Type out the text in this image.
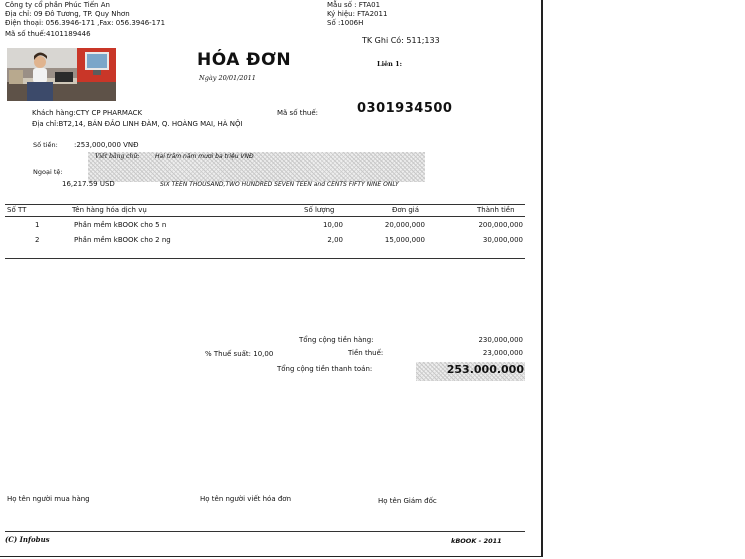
Công ty cổ phần Phúc Tiến An
Địa chỉ: 09 Đô Tương, TP. Quy Nhơn
Điện thoại: 056.3946-171 ,Fax: 056.3946-171
Mã số thuế:4101189446
Mẫu số : FTA01
Ký hiệu: FTA2011
Số :1006H
TK Ghi Có: 511;133
HÓA ĐƠN
Ngày 20/01/2011
Liên 1:
Khách hàng:CTY CP PHARMACK	Mã số thuế:	0301934500
Địa chỉ:BT2,14, BÁN ĐẢO LINH ĐÀM, Q. HOÀNG MAI, HÀ NỘI
Số tiền: :253,000,000 VNĐ
Viết bằng chữ:	Hai trăm năm mươi ba triệu VNĐ
Ngoại tệ:
16,217.59 USD	SIX TEEN THOUSAND,TWO HUNDRED SEVEN TEEN and CENTS FIFTY NINE ONLY
Số TT	Tên hàng hóa dịch vụ	Số lượng	Đơn giá	Thành tiền
1	Phần mềm kBOOK cho 5 n	10,00	20,000,000	200,000,000
2	Phần mềm kBOOK cho 2 ng	2,00	15,000,000	30,000,000
Tổng cộng tiền hàng:	230,000,000
% Thuế suất: 10,00	Tiền thuế:	23,000,000
Tổng cộng tiền thanh toán:	253.000.000
Họ tên người mua hàng	Họ tên người viết hóa đơn	Họ tên Giám đốc
(C) Infobus	kBOOK - 2011
